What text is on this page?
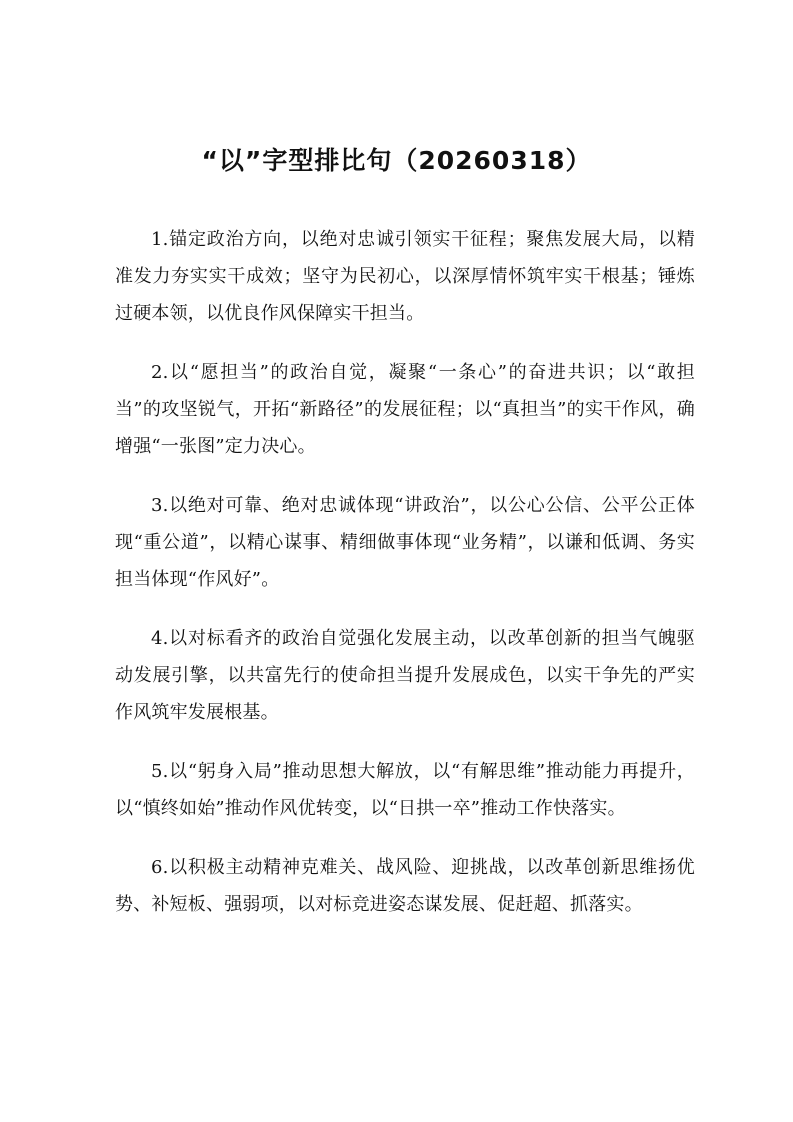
“以”字型排比句（20260318）

1.锚定政治方向，以绝对忠诚引领实干征程；聚焦发展大局，以精准发力夯实实干成效；坚守为民初心，以深厚情怀筑牢实干根基；锤炼过硬本领，以优良作风保障实干担当。

2.以“愿担当”的政治自觉，凝聚“一条心”的奋进共识；以“敢担当”的攻坚锐气，开拓“新路径”的发展征程；以“真担当”的实干作风，确增强“一张图”定力决心。

3.以绝对可靠、绝对忠诚体现“讲政治”，以公心公信、公平公正体现“重公道”，以精心谋事、精细做事体现“业务精”，以谦和低调、务实担当体现“作风好”。

4.以对标看齐的政治自觉强化发展主动，以改革创新的担当气魄驱动发展引擎，以共富先行的使命担当提升发展成色，以实干争先的严实作风筑牢发展根基。

5.以“躬身入局”推动思想大解放，以“有解思维”推动能力再提升，以“慎终如始”推动作风优转变，以“日拱一卒”推动工作快落实。

6.以积极主动精神克难关、战风险、迎挑战，以改革创新思维扬优势、补短板、强弱项，以对标竞进姿态谋发展、促赶超、抓落实。
